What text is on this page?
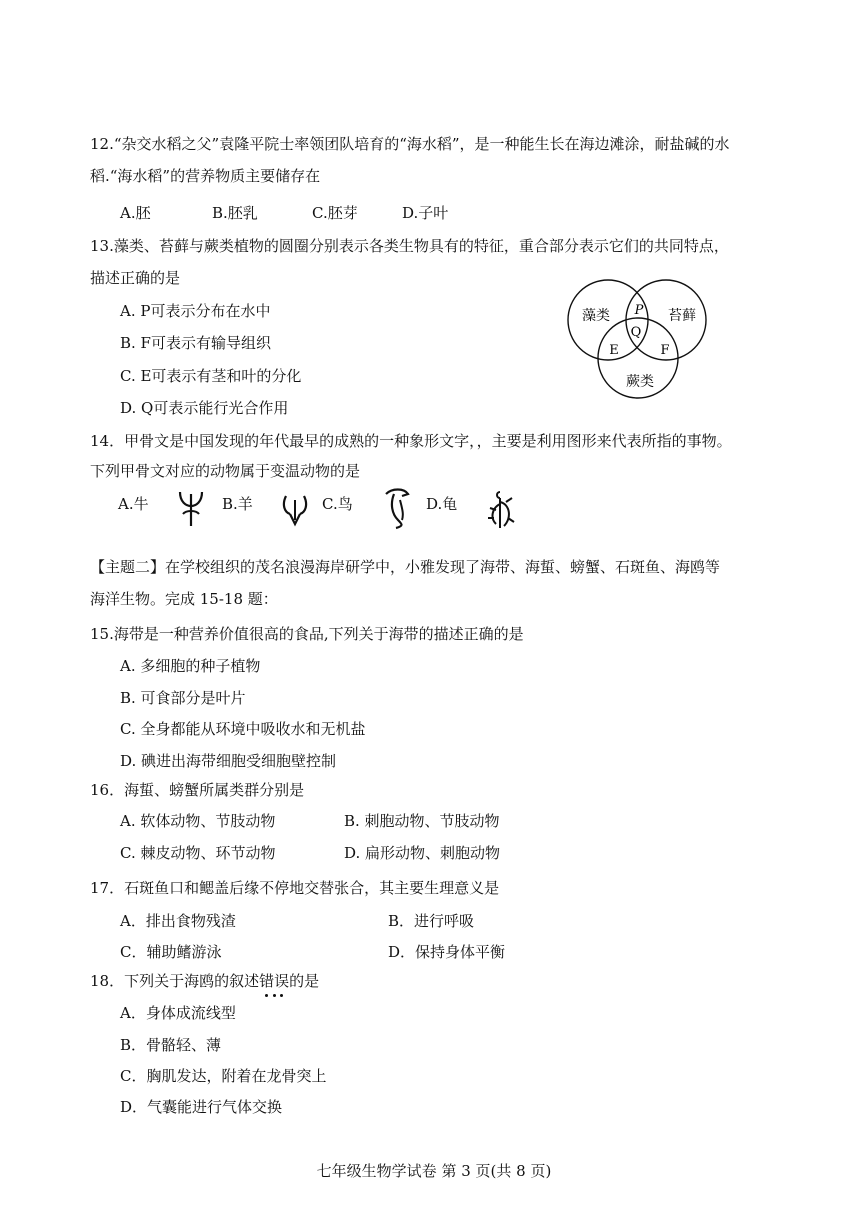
12.“杂交水稻之父”袁隆平院士率领团队培育的“海水稻”，是一种能生长在海边滩涂，耐盐碱的水
稻.“海水稻”的营养物质主要储存在
A.胚	B.胚乳	C.胚芽	D.子叶
13.藻类、苔藓与蕨类植物的圆圈分别表示各类生物具有的特征，重合部分表示它们的共同特点，
描述正确的是
A. P可表示分布在水中
B. F可表示有输导组织
C. E可表示有茎和叶的分化
D. Q可表示能行光合作用
藻类	苔藓
蕨类
P
Q
E	F
14．甲骨文是中国发现的年代最早的成熟的一种象形文字，，主要是利用图形来代表所指的事物。
下列甲骨文对应的动物属于变温动物的是
A.牛	B.羊	C.鸟	D.龟
【主题二】在学校组织的茂名浪漫海岸研学中，小雅发现了海带、海蜇、螃蟹、石斑鱼、海鸥等
海洋生物。完成 15-18 题：
15.海带是一种营养价值很高的食品,下列关于海带的描述正确的是
A. 多细胞的种子植物
B. 可食部分是叶片
C. 全身都能从环境中吸收水和无机盐
D. 碘进出海带细胞受细胞壁控制
16．海蜇、螃蟹所属类群分别是
A. 软体动物、节肢动物	B. 刺胞动物、节肢动物
C. 棘皮动物、环节动物	D. 扁形动物、刺胞动物
17．石斑鱼口和鳃盖后缘不停地交替张合，其主要生理意义是
A．排出食物残渣	B．进行呼吸
C．辅助鳍游泳	D．保持身体平衡
18．下列关于海鸥的叙述错误的是
A．身体成流线型
B．骨骼轻、薄
C．胸肌发达，附着在龙骨突上
D．气囊能进行气体交换
七年级生物学试卷 第 3 页(共 8 页)
